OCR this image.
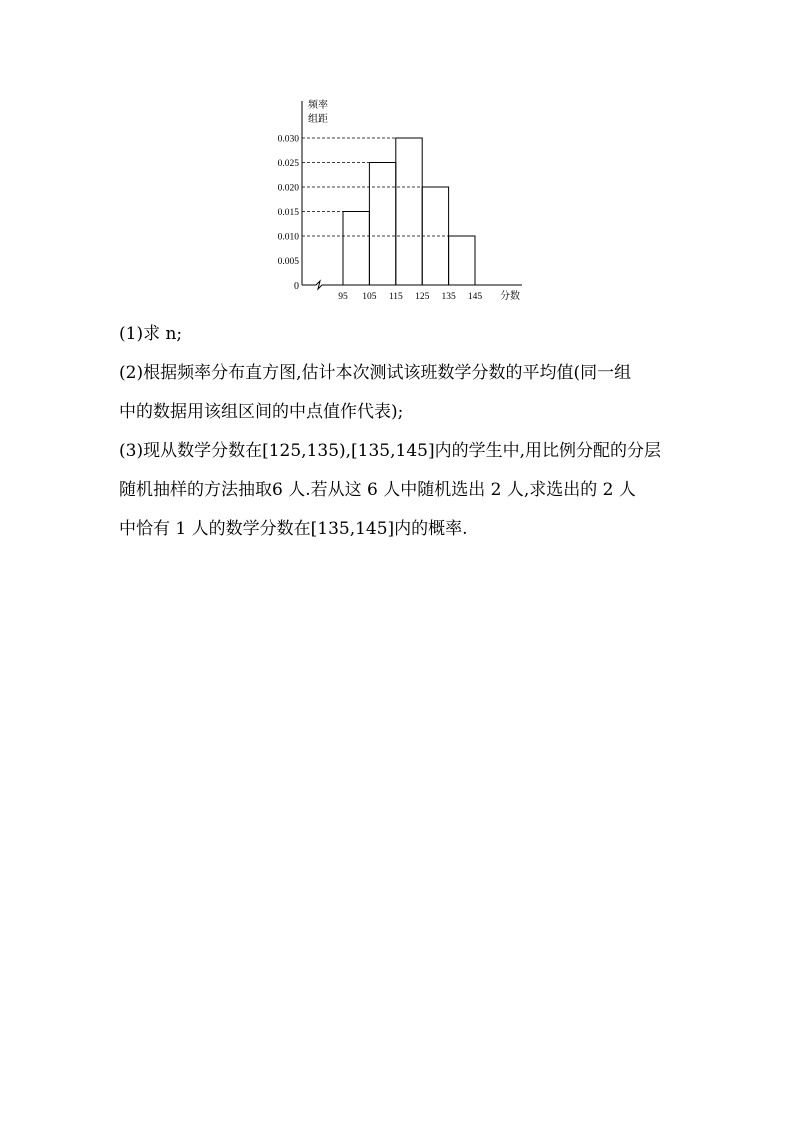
频率
组距
0
分数
0.030
0.025
0.020
0.015
0.010
0.005
95 105 115 125 135 145

(1)求 n;

(2)根据频率分布直方图,估计本次测试该班数学分数的平均值(同一组
中的数据用该组区间的中点值作代表);

(3)现从数学分数在[125,135),[135,145]内的学生中,用比例分配的分层
随机抽样的方法抽取6 人.若从这 6 人中随机选出 2 人,求选出的 2 人
中恰有 1 人的数学分数在[135,145]内的概率.
